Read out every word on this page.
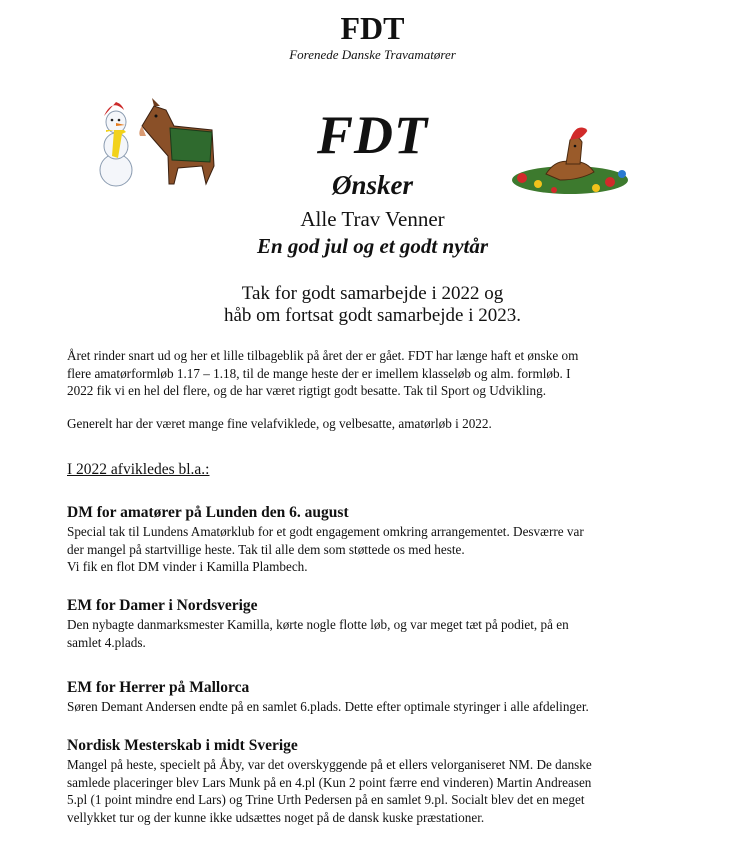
FDT
Forenede Danske Travamatører
FDT
Ønsker
Alle Trav Venner
En god jul og et godt nytår
Tak for godt samarbejde i 2022 og
håb om fortsat godt samarbejde i 2023.
Året rinder snart ud og her et lille tilbageblik på året der er gået. FDT har længe haft et ønske om
flere amatørformløb 1.17 – 1.18, til de mange heste der er imellem klasseløb og alm. formløb. I
2022 fik vi en hel del flere, og de har været rigtigt godt besatte. Tak til Sport og Udvikling.
Generelt har der været mange fine velafviklede, og velbesatte, amatørløb i 2022.
I 2022 afvikledes bl.a.:
DM for amatører på Lunden den 6. august
Special tak til Lundens Amatørklub for et godt engagement omkring arrangementet. Desværre var
der mangel på startvillige heste. Tak til alle dem som støttede os med heste.
Vi fik en flot DM vinder i Kamilla Plambech.
EM for Damer i Nordsverige
Den nybagte danmarksmester Kamilla, kørte nogle flotte løb, og var meget tæt på podiet, på en
samlet 4.plads.
EM for Herrer på Mallorca
Søren Demant Andersen endte på en samlet 6.plads. Dette efter optimale styringer i alle afdelinger.
Nordisk Mesterskab i midt Sverige
Mangel på heste, specielt på Åby, var det overskyggende på et ellers velorganiseret NM. De danske
samlede placeringer blev Lars Munk på en 4.pl (Kun 2 point færre end vinderen) Martin Andreasen
5.pl (1 point mindre end Lars) og Trine Urth Pedersen på en samlet 9.pl. Socialt blev det en meget
vellykket tur og der kunne ikke udsættes noget på de dansk kuske præstationer.
